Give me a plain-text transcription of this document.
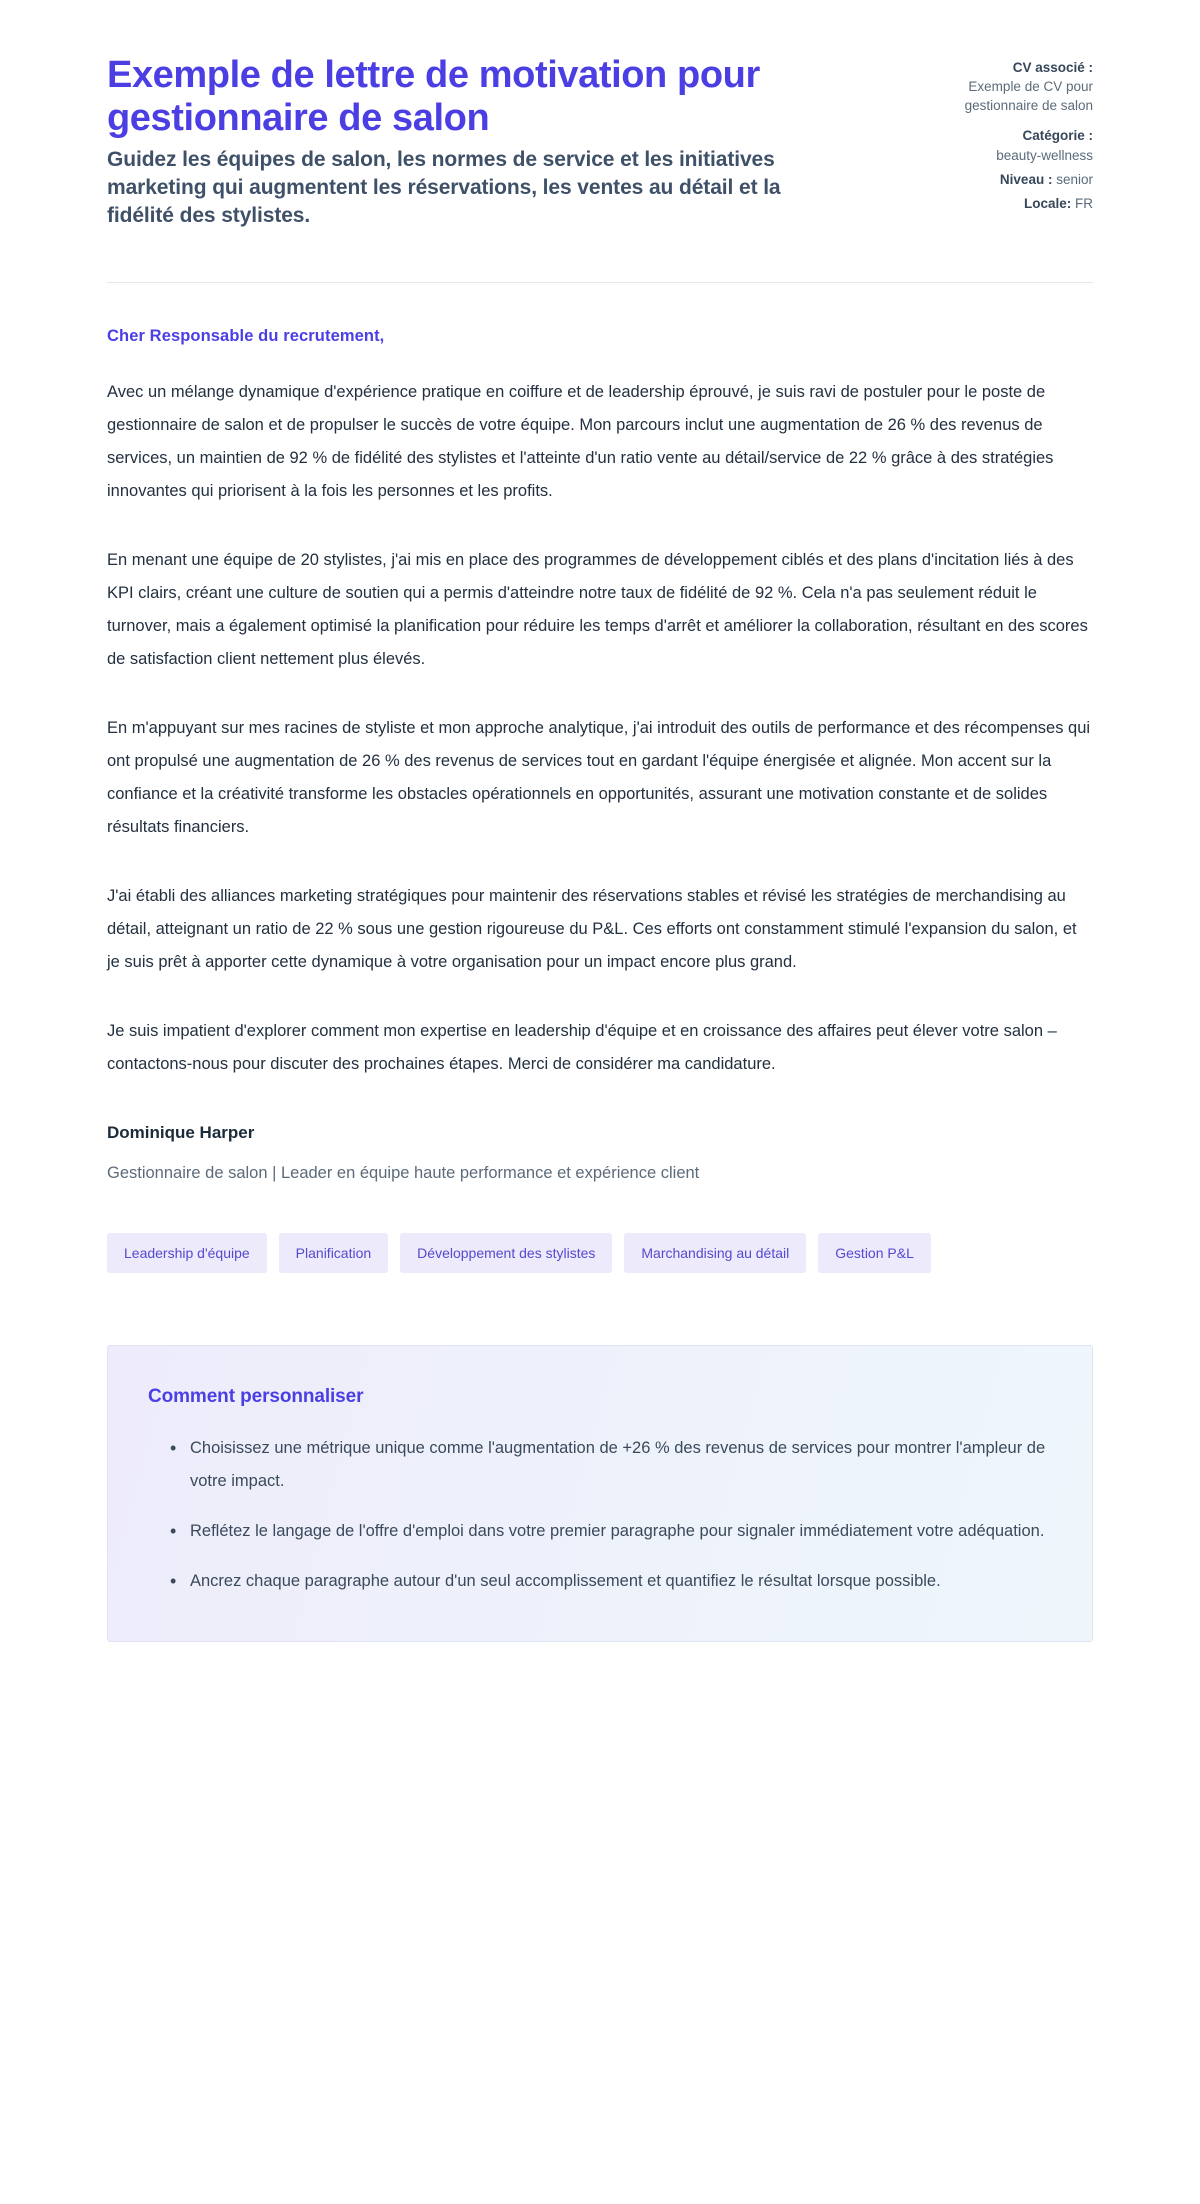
Exemple de lettre de motivation pour gestionnaire de salon

Guidez les équipes de salon, les normes de service et les initiatives marketing qui augmentent les réservations, les ventes au détail et la fidélité des stylistes.

CV associé :
Exemple de CV pour gestionnaire de salon
Catégorie :
beauty-wellness
Niveau : senior
Locale: FR

Cher Responsable du recrutement,

Avec un mélange dynamique d'expérience pratique en coiffure et de leadership éprouvé, je suis ravi de postuler pour le poste de gestionnaire de salon et de propulser le succès de votre équipe. Mon parcours inclut une augmentation de 26 % des revenus de services, un maintien de 92 % de fidélité des stylistes et l'atteinte d'un ratio vente au détail/service de 22 % grâce à des stratégies innovantes qui priorisent à la fois les personnes et les profits.

En menant une équipe de 20 stylistes, j'ai mis en place des programmes de développement ciblés et des plans d'incitation liés à des KPI clairs, créant une culture de soutien qui a permis d'atteindre notre taux de fidélité de 92 %. Cela n'a pas seulement réduit le turnover, mais a également optimisé la planification pour réduire les temps d'arrêt et améliorer la collaboration, résultant en des scores de satisfaction client nettement plus élevés.

En m'appuyant sur mes racines de styliste et mon approche analytique, j'ai introduit des outils de performance et des récompenses qui ont propulsé une augmentation de 26 % des revenus de services tout en gardant l'équipe énergisée et alignée. Mon accent sur la confiance et la créativité transforme les obstacles opérationnels en opportunités, assurant une motivation constante et de solides résultats financiers.

J'ai établi des alliances marketing stratégiques pour maintenir des réservations stables et révisé les stratégies de merchandising au détail, atteignant un ratio de 22 % sous une gestion rigoureuse du P&L. Ces efforts ont constamment stimulé l'expansion du salon, et je suis prêt à apporter cette dynamique à votre organisation pour un impact encore plus grand.

Je suis impatient d'explorer comment mon expertise en leadership d'équipe et en croissance des affaires peut élever votre salon – contactons-nous pour discuter des prochaines étapes. Merci de considérer ma candidature.

Dominique Harper

Gestionnaire de salon | Leader en équipe haute performance et expérience client

Leadership d'équipe	Planification	Développement des stylistes	Marchandising au détail	Gestion P&L
Comment personnaliser
• Choisissez une métrique unique comme l'augmentation de +26 % des revenus de services pour montrer l'ampleur de votre impact.
• Reflétez le langage de l'offre d'emploi dans votre premier paragraphe pour signaler immédiatement votre adéquation.
• Ancrez chaque paragraphe autour d'un seul accomplissement et quantifiez le résultat lorsque possible.
